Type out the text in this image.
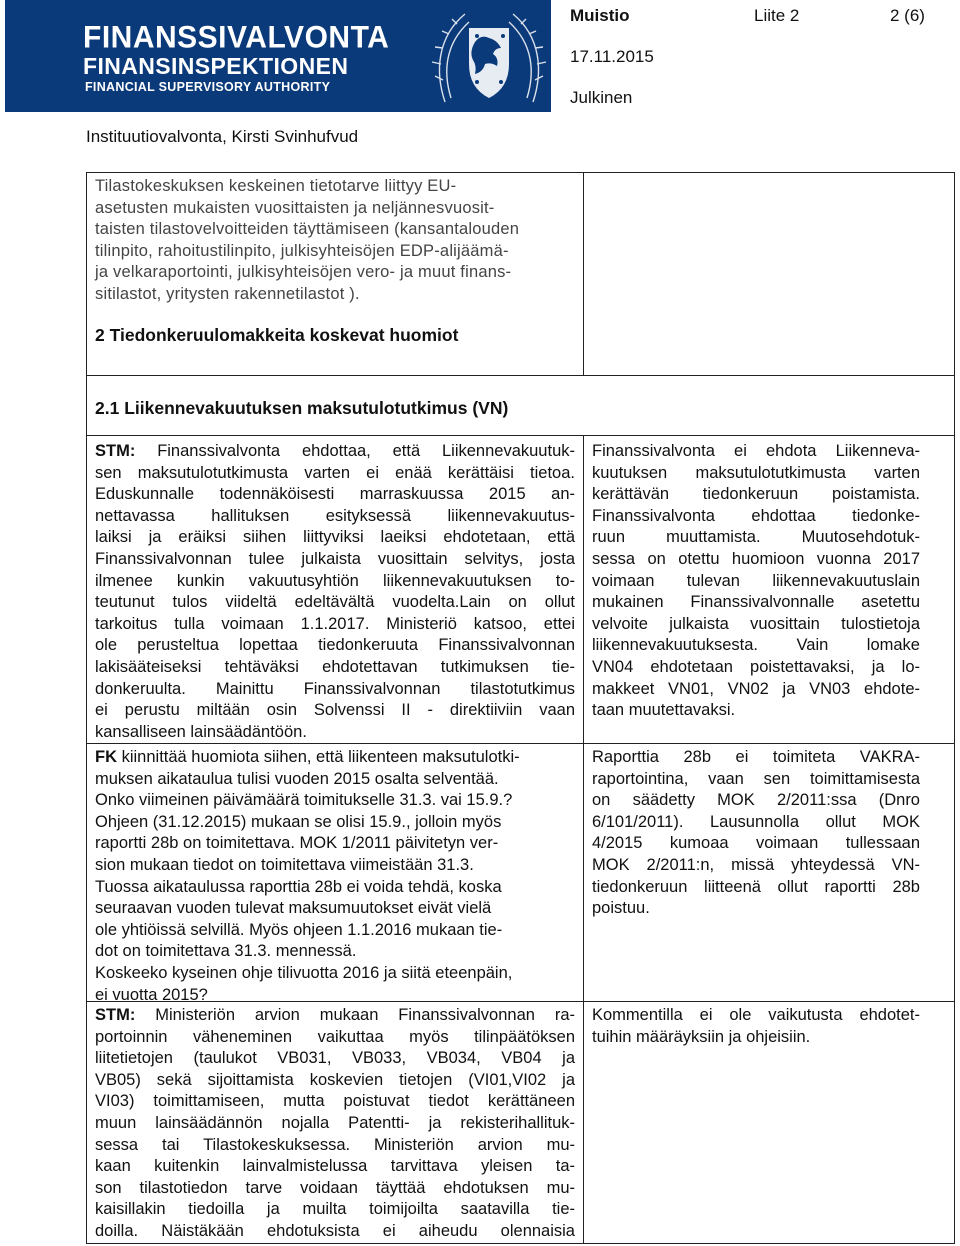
FINANSSIVALVONTA
FINANSINSPEKTIONEN
FINANCIAL SUPERVISORY AUTHORITY
Muistio	Liite 2	2 (6)
17.11.2015
Julkinen
Instituutiovalvonta, Kirsti Svinhufvud
Tilastokeskuksen keskeinen tietotarve liittyy EU-
asetusten mukaisten vuosittaisten ja neljännesvuosit-
taisten tilastovelvoitteiden täyttämiseen (kansantalouden
tilinpito, rahoitustilinpito, julkisyhteisöjen EDP-alijäämä-
ja velkaraportointi, julkisyhteisöjen vero- ja muut finans-
sitilastot, yritysten rakennetilastot ).
2 Tiedonkeruulomakkeita koskevat huomiot
2.1 Liikennevakuutuksen maksutulotutkimus (VN)
STM: Finanssivalvonta ehdottaa, että Liikennevakuutuk-
sen maksutulotutkimusta varten ei enää kerättäisi tietoa.
Eduskunnalle todennäköisesti marraskuussa 2015 an-
nettavassa hallituksen esityksessä liikennevakuutus-
laiksi ja eräiksi siihen liittyviksi laeiksi ehdotetaan, että
Finanssivalvonnan tulee julkaista vuosittain selvitys, josta
ilmenee kunkin vakuutusyhtiön liikennevakuutuksen to-
teutunut tulos viideltä edeltävältä vuodelta.Lain on ollut
tarkoitus tulla voimaan 1.1.2017. Ministeriö katsoo, ettei
ole perusteltua lopettaa tiedonkeruuta Finanssivalvonnan
lakisääteiseksi tehtäväksi ehdotettavan tutkimuksen tie-
donkeruulta. Mainittu Finanssivalvonnan tilastotutkimus
ei perustu miltään osin Solvenssi II - direktiiviin vaan
kansalliseen lainsäädäntöön.
Finanssivalvonta ei ehdota Liikenneva-
kuutuksen maksutulotutkimusta varten
kerättävän tiedonkeruun poistamista.
Finanssivalvonta ehdottaa tiedonke-
ruun muuttamista. Muutosehdotuk-
sessa on otettu huomioon vuonna 2017
voimaan tulevan liikennevakuutuslain
mukainen Finanssivalvonnalle asetettu
velvoite julkaista vuosittain tulostietoja
liikennevakuutuksesta. Vain lomake
VN04 ehdotetaan poistettavaksi, ja lo-
makkeet VN01, VN02 ja VN03 ehdote-
taan muutettavaksi.
FK kiinnittää huomiota siihen, että liikenteen maksutulotki-
muksen aikataulua tulisi vuoden 2015 osalta selventää.
Onko viimeinen päivämäärä toimitukselle 31.3. vai 15.9.?
Ohjeen (31.12.2015) mukaan se olisi 15.9., jolloin myös
raportti 28b on toimitettava. MOK 1/2011 päivitetyn ver-
sion mukaan tiedot on toimitettava viimeistään 31.3.
Tuossa aikataulussa raporttia 28b ei voida tehdä, koska
seuraavan vuoden tulevat maksumuutokset eivät vielä
ole yhtiöissä selvillä. Myös ohjeen 1.1.2016 mukaan tie-
dot on toimitettava 31.3. mennessä.
Koskeeko kyseinen ohje tilivuotta 2016 ja siitä eteenpäin,
ei vuotta 2015?
Raporttia 28b ei toimiteta VAKRA-
raportointina, vaan sen toimittamisesta
on säädetty MOK 2/2011:ssa (Dnro
6/101/2011). Lausunnolla ollut MOK
4/2015 kumoaa voimaan tullessaan
MOK 2/2011:n, missä yhteydessä VN-
tiedonkeruun liitteenä ollut raportti 28b
poistuu.
STM: Ministeriön arvion mukaan Finanssivalvonnan ra-
portoinnin väheneminen vaikuttaa myös tilinpäätöksen
liitetietojen (taulukot VB031, VB033, VB034, VB04 ja
VB05) sekä sijoittamista koskevien tietojen (VI01,VI02 ja
VI03) toimittamiseen, mutta poistuvat tiedot kerättäneen
muun lainsäädännön nojalla Patentti- ja rekisterihallituk-
sessa tai Tilastokeskuksessa. Ministeriön arvion mu-
kaan kuitenkin lainvalmistelussa tarvittava yleisen ta-
son tilastotiedon tarve voidaan täyttää ehdotuksen mu-
kaisillakin tiedoilla ja muilta toimijoilta saatavilla tie-
doilla. Näistäkään ehdotuksista ei aiheudu olennaisia
Kommentilla ei ole vaikutusta ehdotet-
tuihin määräyksiin ja ohjeisiin.
